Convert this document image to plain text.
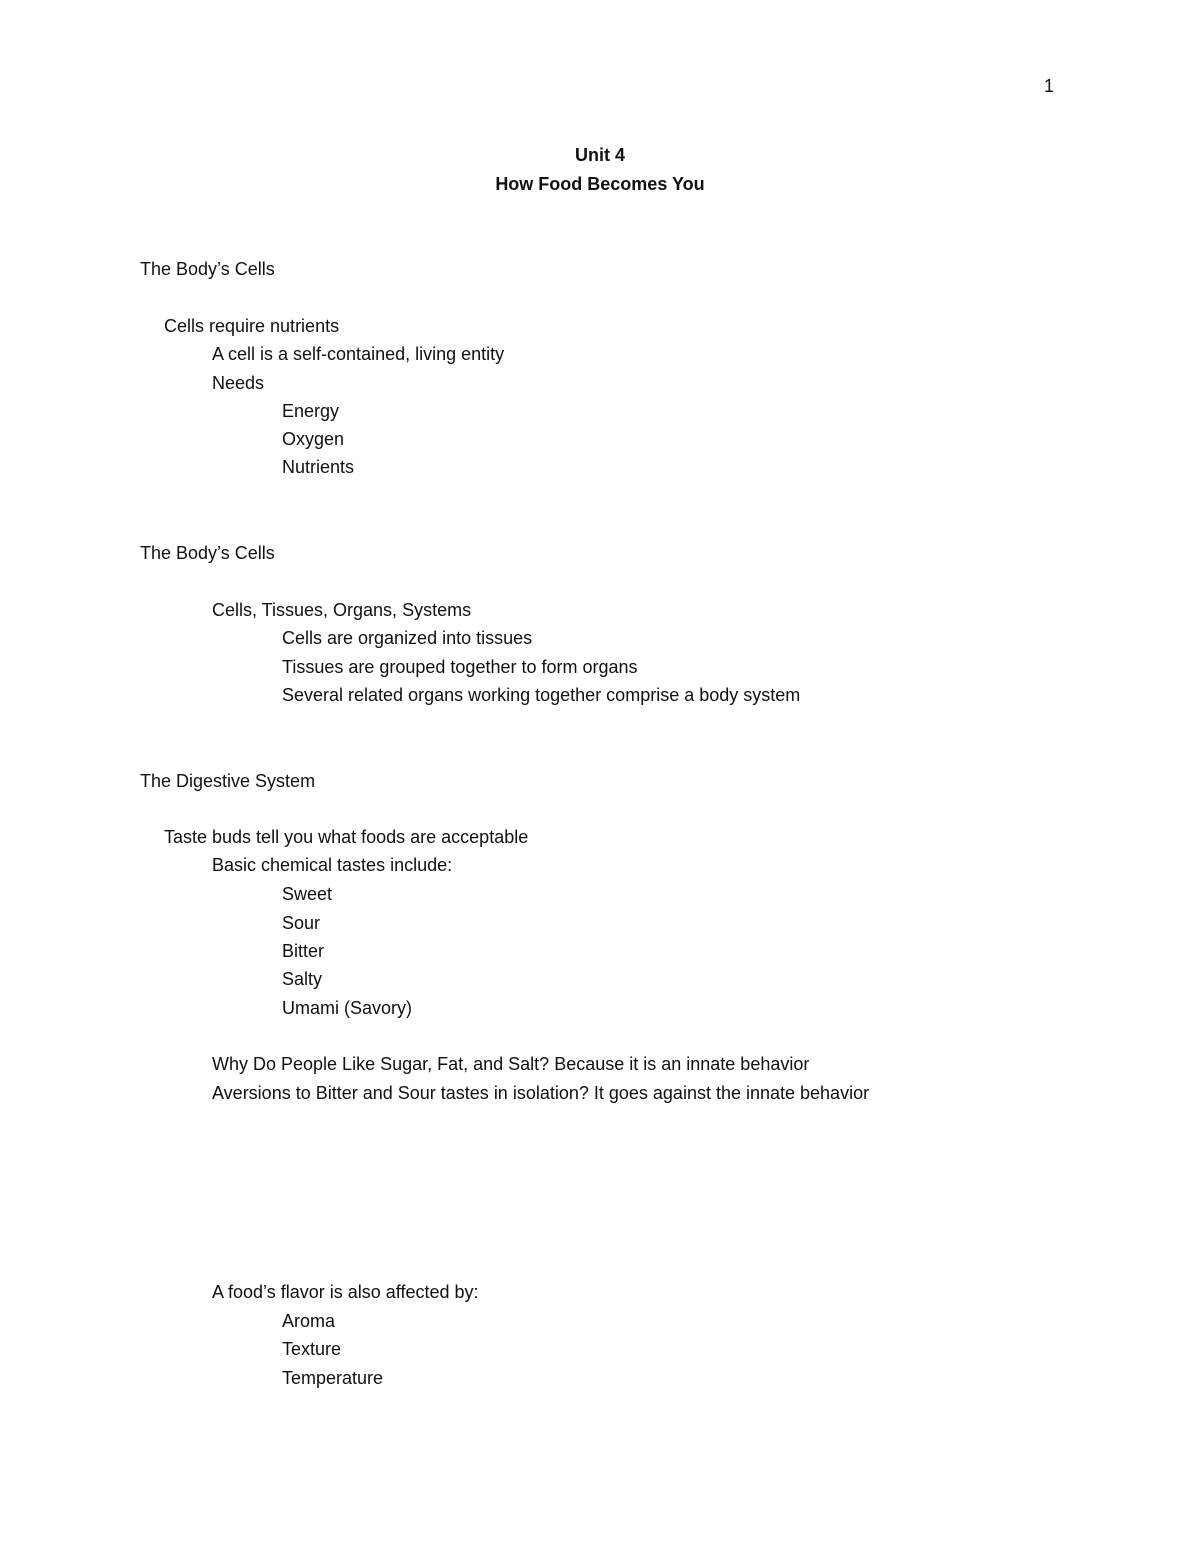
1
Unit 4
How Food Becomes You
The Body’s Cells
Cells require nutrients
A cell is a self-contained, living entity
Needs
Energy
Oxygen
Nutrients
The Body’s Cells
Cells, Tissues, Organs, Systems
Cells are organized into tissues
Tissues are grouped together to form organs
Several related organs working together comprise a body system
The Digestive System
Taste buds tell you what foods are acceptable
Basic chemical tastes include:
Sweet
Sour
Bitter
Salty
Umami (Savory)
Why Do People Like Sugar, Fat, and Salt? Because it is an innate behavior
Aversions to Bitter and Sour tastes in isolation? It goes against the innate behavior
A food’s flavor is also affected by:
Aroma
Texture
Temperature
